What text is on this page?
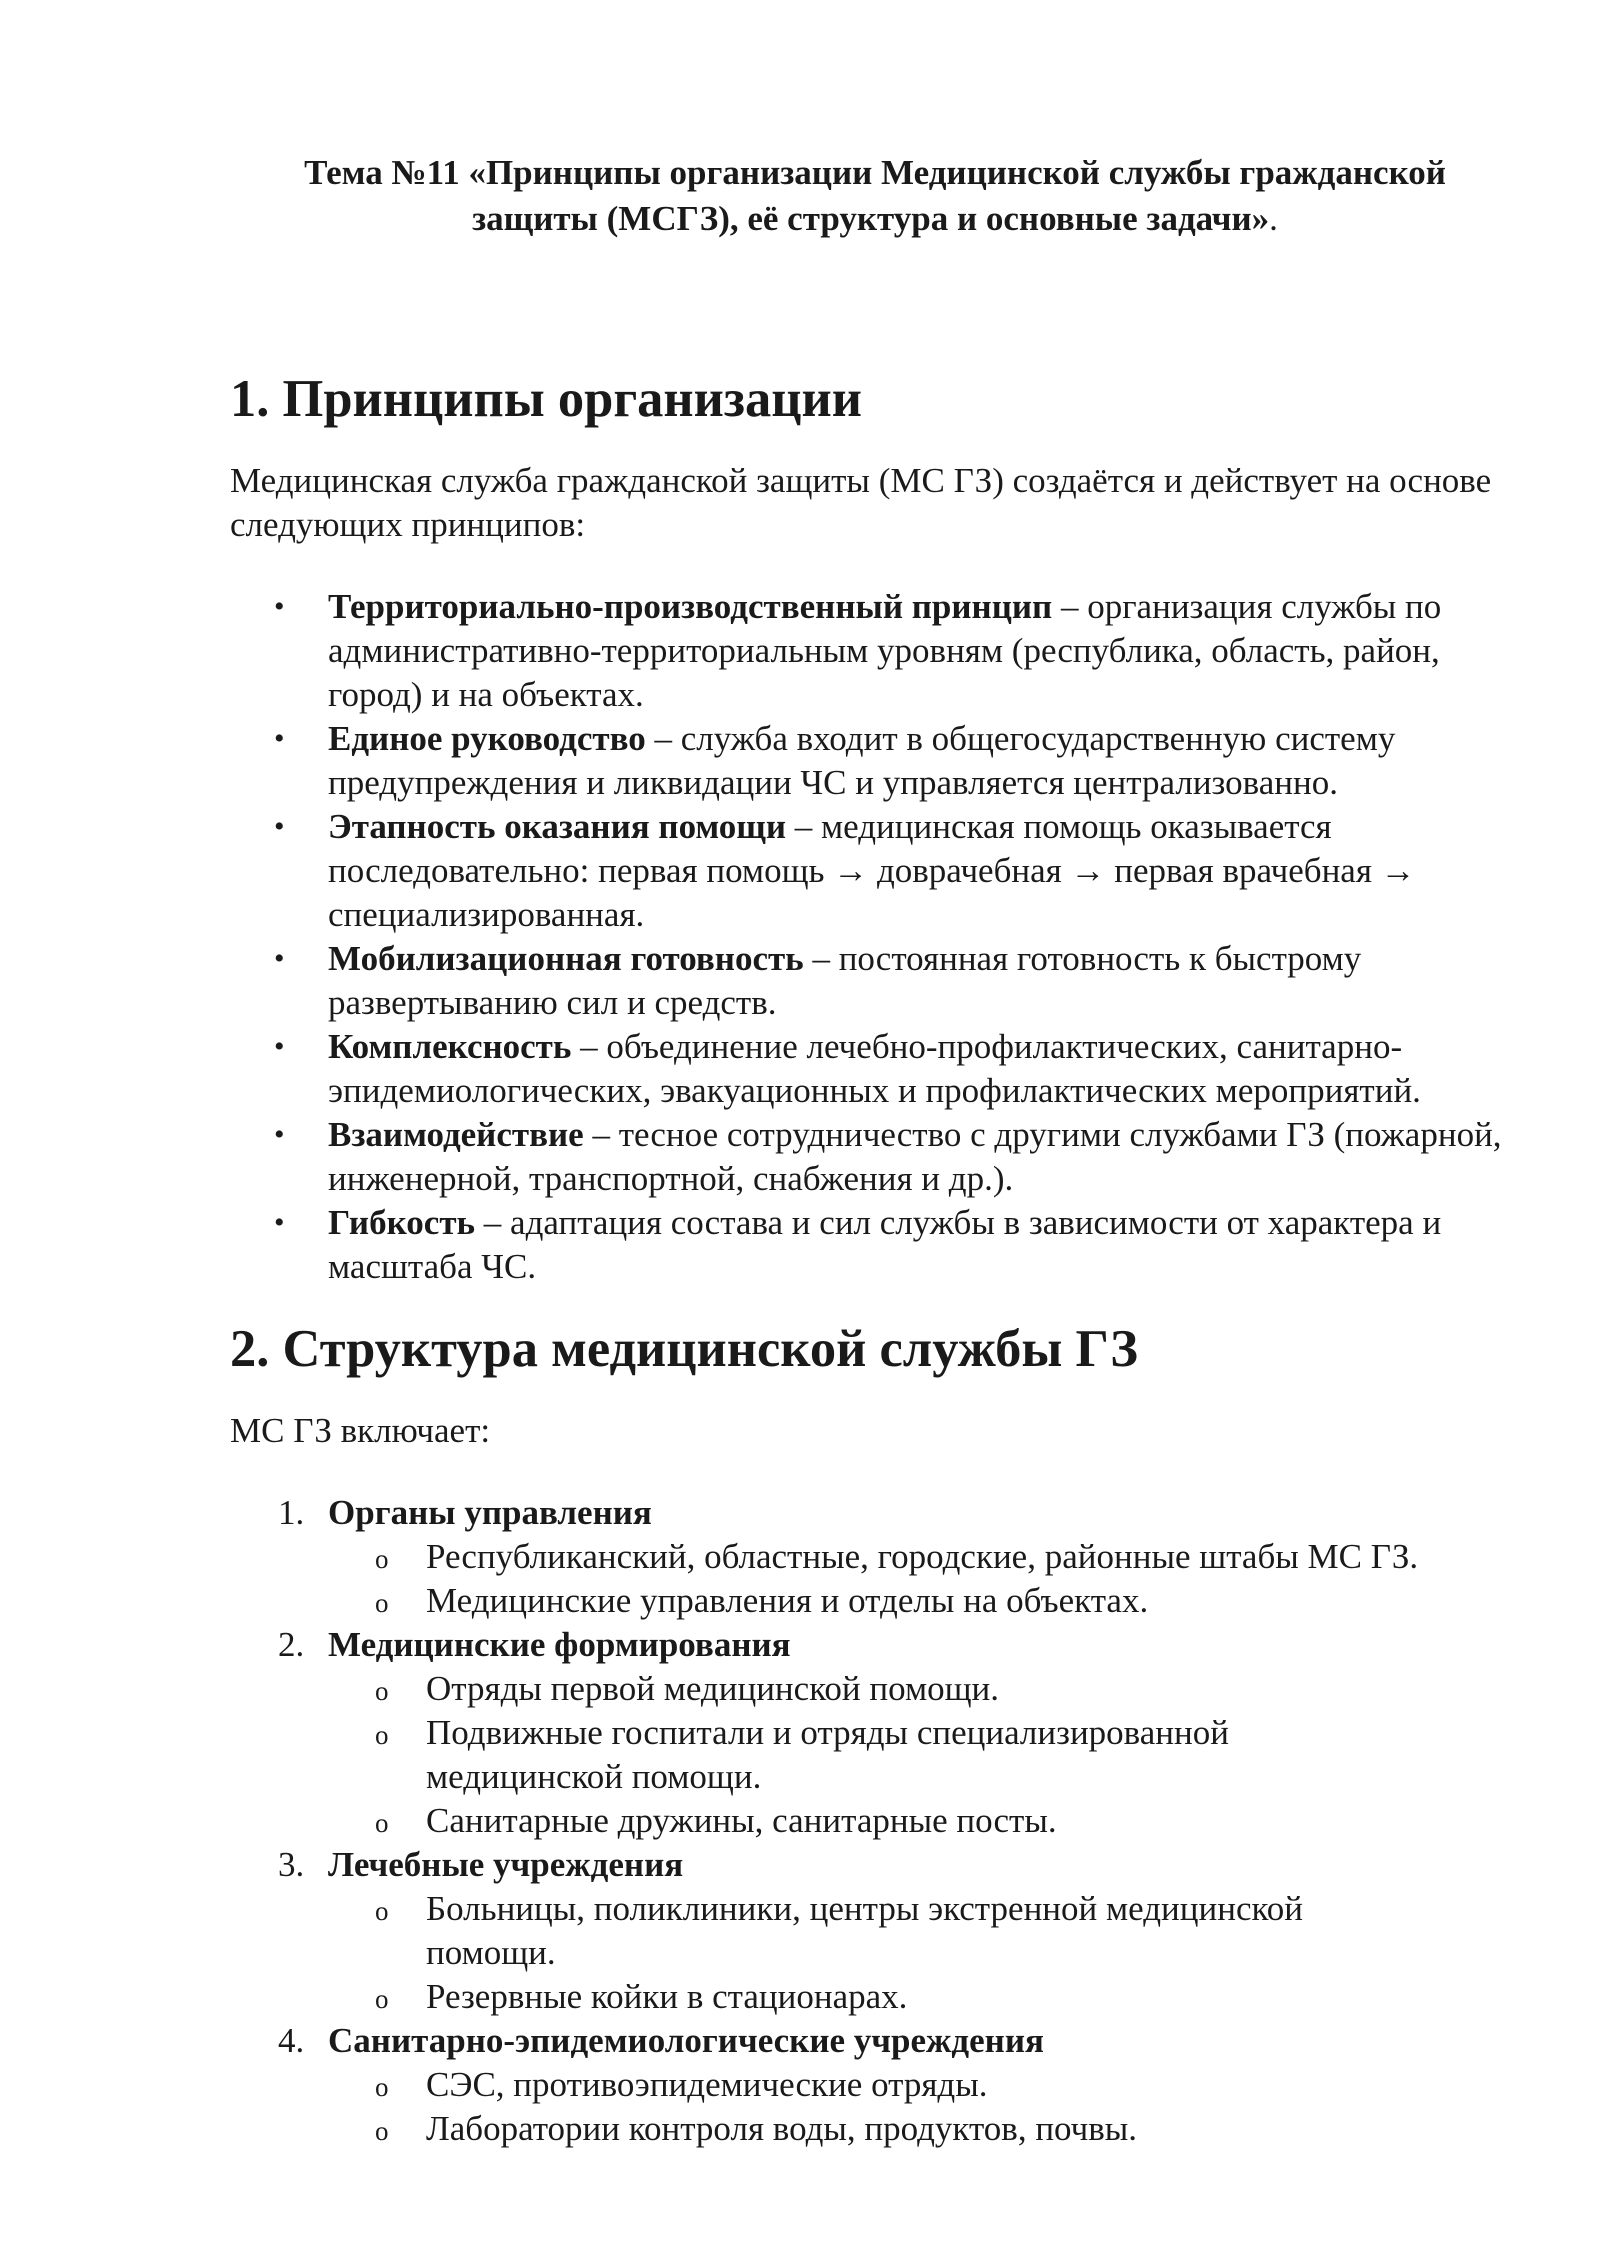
Тема №11 «Принципы организации Медицинской службы гражданской
защиты (МСГЗ), её структура и основные задачи».
1. Принципы организации

Медицинская служба гражданской защиты (МС ГЗ) создаётся и действует на основе следующих принципов:

• Территориально-производственный принцип – организация службы по административно-территориальным уровням (республика, область, район, город) и на объектах.
• Единое руководство – служба входит в общегосударственную систему предупреждения и ликвидации ЧС и управляется централизованно.
• Этапность оказания помощи – медицинская помощь оказывается последовательно: первая помощь → доврачебная → первая врачебная → специализированная.
• Мобилизационная готовность – постоянная готовность к быстрому развертыванию сил и средств.
• Комплексность – объединение лечебно-профилактических, санитарно-эпидемиологических, эвакуационных и профилактических мероприятий.
• Взаимодействие – тесное сотрудничество с другими службами ГЗ (пожарной, инженерной, транспортной, снабжения и др.).
• Гибкость – адаптация состава и сил службы в зависимости от характера и масштаба ЧС.
2. Структура медицинской службы ГЗ

МС ГЗ включает:

1. Органы управления
o Республиканский, областные, городские, районные штабы МС ГЗ.
o Медицинские управления и отделы на объектах.
2. Медицинские формирования
o Отряды первой медицинской помощи.
o Подвижные госпитали и отряды специализированной медицинской помощи.
o Санитарные дружины, санитарные посты.
3. Лечебные учреждения
o Больницы, поликлиники, центры экстренной медицинской помощи.
o Резервные койки в стационарах.
4. Санитарно-эпидемиологические учреждения
o СЭС, противоэпидемические отряды.
o Лаборатории контроля воды, продуктов, почвы.
